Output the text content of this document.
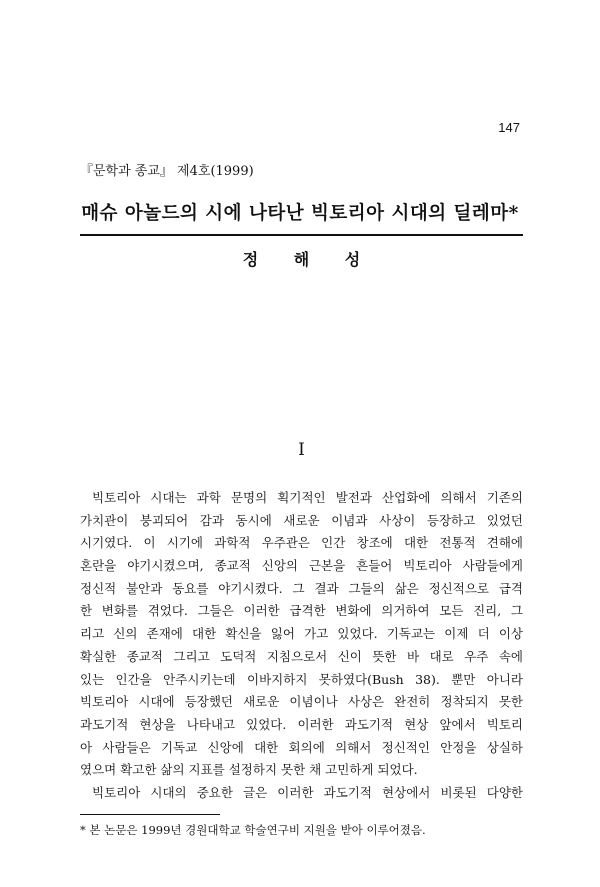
147
『문학과 종교』 제4호(1999)
매슈 아놀드의 시에 나타난 빅토리아 시대의 딜레마*
정 해 성
I
빅토리아 시대는 과학 문명의 획기적인 발전과 산업화에 의해서 기존의
가치관이 붕괴되어 감과 동시에 새로운 이념과 사상이 등장하고 있었던
시기였다. 이 시기에 과학적 우주관은 인간 창조에 대한 전통적 견해에
혼란을 야기시켰으며, 종교적 신앙의 근본을 흔들어 빅토리아 사람들에게
정신적 불안과 동요를 야기시켰다. 그 결과 그들의 삶은 정신적으로 급격
한 변화를 겪었다. 그들은 이러한 급격한 변화에 의거하여 모든 진리, 그
리고 신의 존재에 대한 확신을 잃어 가고 있었다. 기독교는 이제 더 이상
확실한 종교적 그리고 도덕적 지침으로서 신이 뜻한 바 대로 우주 속에
있는 인간을 안주시키는데 이바지하지 못하였다(Bush 38). 뿐만 아니라
빅토리아 시대에 등장했던 새로운 이념이나 사상은 완전히 정착되지 못한
과도기적 현상을 나타내고 있었다. 이러한 과도기적 현상 앞에서 빅토리
아 사람들은 기독교 신앙에 대한 회의에 의해서 정신적인 안정을 상실하
였으며 확고한 삶의 지표를 설정하지 못한 채 고민하게 되었다.
빅토리아 시대의 중요한 글은 이러한 과도기적 현상에서 비롯된 다양한
* 본 논문은 1999년 경원대학교 학술연구비 지원을 받아 이루어졌음.
